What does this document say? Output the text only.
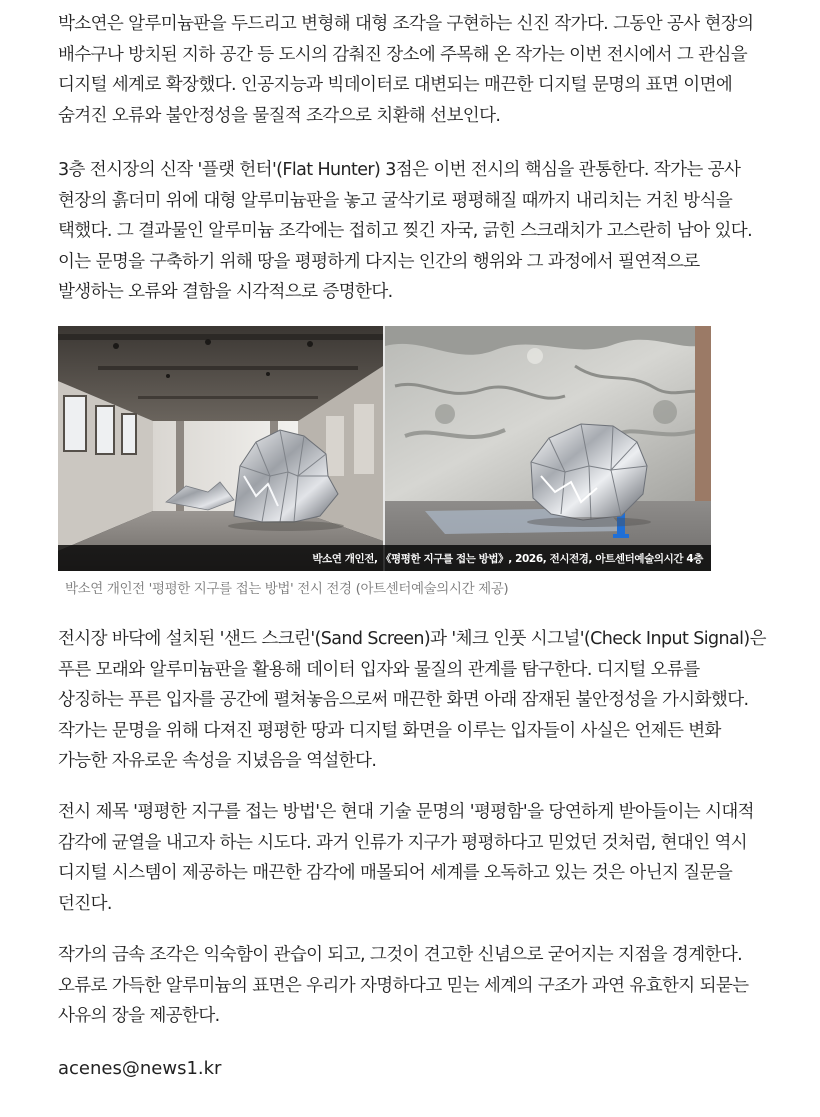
박소연은 알루미늄판을 두드리고 변형해 대형 조각을 구현하는 신진 작가다. 그동안 공사 현장의 배수구나 방치된 지하 공간 등 도시의 감춰진 장소에 주목해 온 작가는 이번 전시에서 그 관심을 디지털 세계로 확장했다. 인공지능과 빅데이터로 대변되는 매끈한 디지털 문명의 표면 이면에 숨겨진 오류와 불안정성을 물질적 조각으로 치환해 선보인다.

3층 전시장의 신작 '플랫 헌터'(Flat Hunter) 3점은 이번 전시의 핵심을 관통한다. 작가는 공사 현장의 흙더미 위에 대형 알루미늄판을 놓고 굴삭기로 평평해질 때까지 내리치는 거친 방식을 택했다. 그 결과물인 알루미늄 조각에는 접히고 찢긴 자국, 긁힌 스크래치가 고스란히 남아 있다. 이는 문명을 구축하기 위해 땅을 평평하게 다지는 인간의 행위와 그 과정에서 필연적으로 발생하는 오류와 결함을 시각적으로 증명한다.

박소연 개인전, 《평평한 지구를 접는 방법》, 2026, 전시전경, 아트센터예술의시간 4층

박소연 개인전 '평평한 지구를 접는 방법' 전시 전경 (아트센터예술의시간 제공)

전시장 바닥에 설치된 '샌드 스크린'(Sand Screen)과 '체크 인풋 시그널'(Check Input Signal)은 푸른 모래와 알루미늄판을 활용해 데이터 입자와 물질의 관계를 탐구한다. 디지털 오류를 상징하는 푸른 입자를 공간에 펼쳐놓음으로써 매끈한 화면 아래 잠재된 불안정성을 가시화했다. 작가는 문명을 위해 다져진 평평한 땅과 디지털 화면을 이루는 입자들이 사실은 언제든 변화 가능한 자유로운 속성을 지녔음을 역설한다.

전시 제목 '평평한 지구를 접는 방법'은 현대 기술 문명의 '평평함'을 당연하게 받아들이는 시대적 감각에 균열을 내고자 하는 시도다. 과거 인류가 지구가 평평하다고 믿었던 것처럼, 현대인 역시 디지털 시스템이 제공하는 매끈한 감각에 매몰되어 세계를 오독하고 있는 것은 아닌지 질문을 던진다.

작가의 금속 조각은 익숙함이 관습이 되고, 그것이 견고한 신념으로 굳어지는 지점을 경계한다. 오류로 가득한 알루미늄의 표면은 우리가 자명하다고 믿는 세계의 구조가 과연 유효한지 되묻는 사유의 장을 제공한다.

acenes@news1.kr
